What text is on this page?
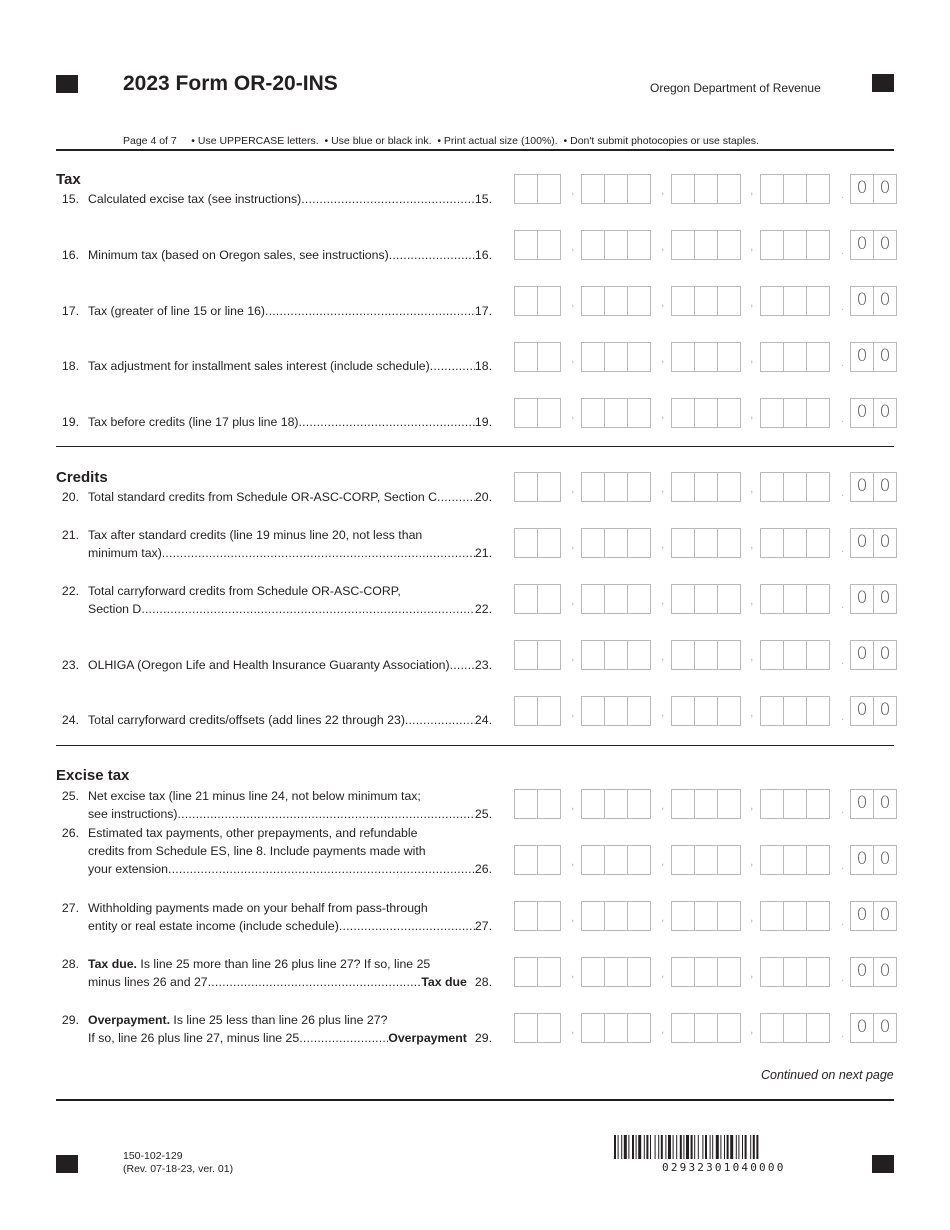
2023 Form OR-20-INS	Oregon Department of Revenue
Page 4 of 7     • Use UPPERCASE letters.  • Use blue or black ink.  • Print actual size (100%).  • Don't submit photocopies or use staples.
Tax
15. Calculated excise tax (see instructions) .....	15.
,	,	,	. 0 0
16. Minimum tax (based on Oregon sales, see instructions) .....	16.
,	,	,	. 0 0
17. Tax (greater of line 15 or line 16) .....	17.
,	,	,	. 0 0
18. Tax adjustment for installment sales interest (include schedule) .....	18.
,	,	,	. 0 0
19. Tax before credits (line 17 plus line 18) .....	19.
,	,	,	. 0 0
Credits
20. Total standard credits from Schedule OR-ASC-CORP, Section C .....	20.
,	,	,	. 0 0
21. Tax after standard credits (line 19 minus line 20, not less than
minimum tax) .....	21.
,	,	,	. 0 0
22. Total carryforward credits from Schedule OR-ASC-CORP,
Section D .....	22.
,	,	,	. 0 0
23. OLHIGA (Oregon Life and Health Insurance Guaranty Association) ..... 23.
,	,	,	. 0 0
24. Total carryforward credits/offsets (add lines 22 through 23) .....	24.
,	,	,	. 0 0
Excise tax
25. Net excise tax (line 21 minus line 24, not below minimum tax;
see instructions) .....	25.
,	,	,	. 0 0
26. Estimated tax payments, other prepayments, and refundable
credits from Schedule ES, line 8. Include payments made with
your extension .....	26.
,	,	,	. 0 0
27. Withholding payments made on your behalf from pass-through
entity or real estate income (include schedule) .....	27.
,	,	,	. 0 0
28. Tax due. Is line 25 more than line 26 plus line 27? If so, line 25
minus lines 26 and 27 .....	Tax due 28.
,	,	,	. 0 0
29. Overpayment. Is line 25 less than line 26 plus line 27?
If so, line 26 plus line 27, minus line 25 .....	Overpayment 29.
,	,	,	. 0 0
Continued on next page
150-102-129
(Rev. 07-18-23, ver. 01)	02932301040000
